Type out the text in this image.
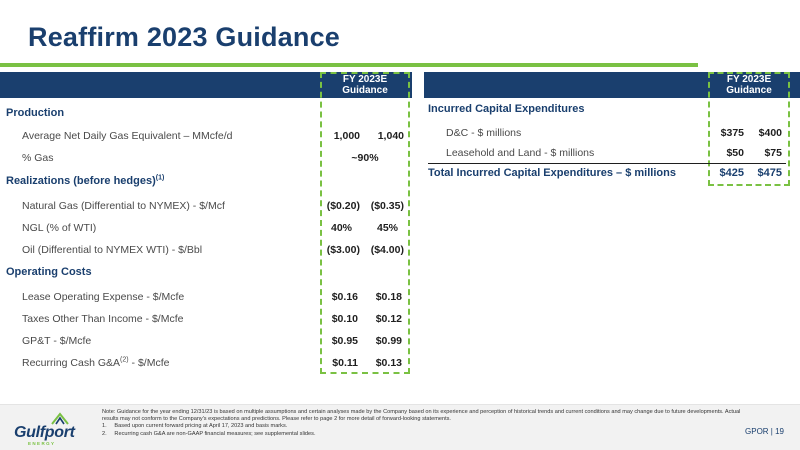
Reaffirm 2023 Guidance
FY 2023E
Guidance
Production
Average Net Daily Gas Equivalent – MMcfe/d	1,000	1,040
% Gas	~90%
Realizations (before hedges)$^{(1)}$
Natural Gas (Differential to NYMEX) - $/Mcf	($0.20)	($0.35)
NGL (% of WTI)	40%	45%
Oil (Differential to NYMEX WTI) - $/Bbl	($3.00)	($4.00)
Operating Costs
Lease Operating Expense - $/Mcfe	$0.16	$0.18
Taxes Other Than Income - $/Mcfe	$0.10	$0.12
GP&T - $/Mcfe	$0.95	$0.99
Recurring Cash $G\&A^{(2)}$ - $/Mcfe	$0.11	$0.13
FY 2023E
Guidance
Incurred Capital Expenditures
D&C - $ millions	$375	$400
Leasehold and Land - $ millions	$50	$75
Total Incurred Capital Expenditures – $ millions	$425	$475
Gulfport
ENERGY

Note: Guidance for the year ending 12/31/23 is based on multiple assumptions and certain analyses made by the Company based on its experience and perception of historical trends and current conditions and may change due to future developments. Actual results may not conform to the Company's expectations and predictions. Please refer to page 2 for more detail of forward-looking statements.

1.     Based upon current forward pricing at April 17, 2023 and basis marks.

2.     Recurring cash G&A are non-GAAP financial measures; see supplemental slides.	GPOR | 19
